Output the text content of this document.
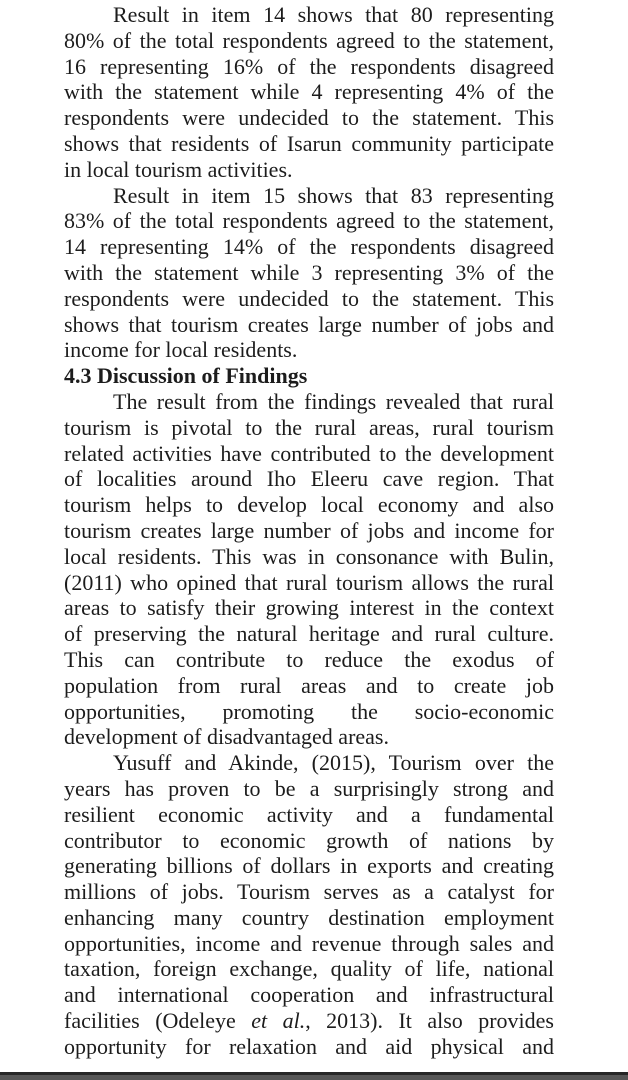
Result in item 14 shows that 80 representing
80% of the total respondents agreed to the statement,
16 representing 16% of the respondents disagreed
with the statement while 4 representing 4% of the
respondents were undecided to the statement. This
shows that residents of Isarun community participate
in local tourism activities.
Result in item 15 shows that 83 representing
83% of the total respondents agreed to the statement,
14 representing 14% of the respondents disagreed
with the statement while 3 representing 3% of the
respondents were undecided to the statement. This
shows that tourism creates large number of jobs and
income for local residents.
4.3 Discussion of Findings
The result from the findings revealed that rural
tourism is pivotal to the rural areas, rural tourism
related activities have contributed to the development
of localities around Iho Eleeru cave region. That
tourism helps to develop local economy and also
tourism creates large number of jobs and income for
local residents. This was in consonance with Bulin,
(2011) who opined that rural tourism allows the rural
areas to satisfy their growing interest in the context
of preserving the natural heritage and rural culture.
This can contribute to reduce the exodus of
population from rural areas and to create job
opportunities, promoting the socio-economic
development of disadvantaged areas.
Yusuff and Akinde, (2015), Tourism over the
years has proven to be a surprisingly strong and
resilient economic activity and a fundamental
contributor to economic growth of nations by
generating billions of dollars in exports and creating
millions of jobs. Tourism serves as a catalyst for
enhancing many country destination employment
opportunities, income and revenue through sales and
taxation, foreign exchange, quality of life, national
and international cooperation and infrastructural
facilities (Odeleye et al., 2013). It also provides
opportunity for relaxation and aid physical and
